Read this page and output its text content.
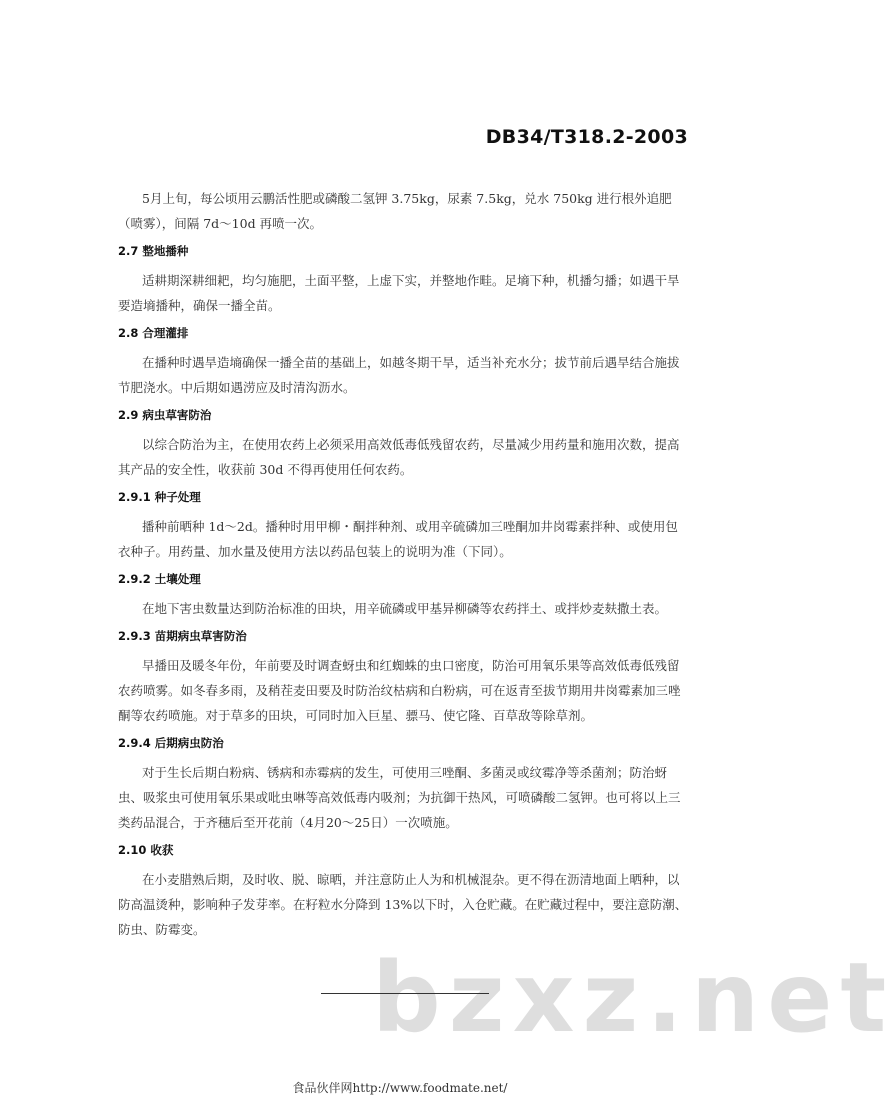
DB34/T318.2-2003

5月上旬，每公顷用云鹏活性肥或磷酸二氢钾 3.75kg，尿素 7.5kg，兑水 750kg 进行根外追肥（喷雾），间隔 7d～10d 再喷一次。

2.7 整地播种

适耕期深耕细耙，均匀施肥，土面平整，上虚下实，并整地作畦。足墒下种，机播匀播；如遇干旱要造墒播种，确保一播全苗。

2.8 合理灌排

在播种时遇旱造墒确保一播全苗的基础上，如越冬期干旱，适当补充水分；拔节前后遇旱结合施拔节肥浇水。中后期如遇涝应及时清沟沥水。

2.9 病虫草害防治

以综合防治为主，在使用农药上必须采用高效低毒低残留农药，尽量减少用药量和施用次数，提高其产品的安全性，收获前 30d 不得再使用任何农药。

2.9.1 种子处理

播种前晒种 1d～2d。播种时用甲柳・酮拌种剂、或用辛硫磷加三唑酮加井岗霉素拌种、或使用包衣种子。用药量、加水量及使用方法以药品包装上的说明为准（下同）。

2.9.2 土壤处理

在地下害虫数量达到防治标准的田块，用辛硫磷或甲基异柳磷等农药拌土、或拌炒麦麸撒土表。

2.9.3 苗期病虫草害防治

早播田及暖冬年份，年前要及时调查蚜虫和红蜘蛛的虫口密度，防治可用氧乐果等高效低毒低残留农药喷雾。如冬春多雨，及稍茬麦田要及时防治纹枯病和白粉病，可在返青至拔节期用井岗霉素加三唑酮等农药喷施。对于草多的田块，可同时加入巨星、骠马、使它隆、百草敌等除草剂。

2.9.4 后期病虫防治

对于生长后期白粉病、锈病和赤霉病的发生，可使用三唑酮、多菌灵或纹霉净等杀菌剂；防治蚜虫、吸浆虫可使用氧乐果或吡虫啉等高效低毒内吸剂；为抗御干热风，可喷磷酸二氢钾。也可将以上三类药品混合，于齐穗后至开花前（4月20～25日）一次喷施。

2.10 收获

在小麦腊熟后期，及时收、脱、晾晒，并注意防止人为和机械混杂。更不得在沥清地面上晒种，以防高温烫种，影响种子发芽率。在籽粒水分降到 13%以下时，入仓贮藏。在贮藏过程中，要注意防潮、防虫、防霉变。

bzxz.net
食品伙伴网http://www.foodmate.net/
